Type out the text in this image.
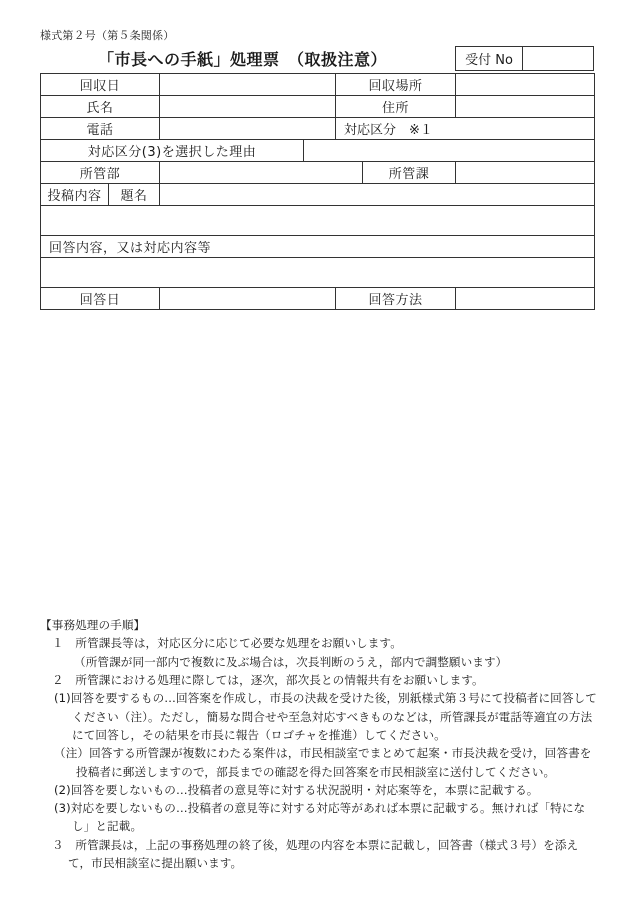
様式第２号（第５条関係）
「市長への手紙」処理票　（取扱注意）	受付 No
回収日				回収場所			
氏名				住所			
電話				対応区分　※１			
対応区分(3)を選択した理由							
所管部					所管課		
投稿内容	題名						

回答内容，又は対応内容等							

回答日				回答方法			
【事務処理の手順】
１　所管課長等は，対応区分に応じて必要な処理をお願いします。
（所管課が同一部内で複数に及ぶ場合は，次長判断のうえ，部内で調整願います）
２　所管課における処理に際しては，逐次，部次長との情報共有をお願いします。
(1)回答を要するもの…回答案を作成し，市長の決裁を受けた後，別紙様式第３号にて投稿者に回答してください（注）。ただし，簡易な問合せや至急対応すべきものなどは，所管課長が電話等適宜の方法にて回答し，その結果を市長に報告（ロゴチャを推進）してください。
（注）回答する所管課が複数にわたる案件は，市民相談室でまとめて起案・市長決裁を受け，回答書を投稿者に郵送しますので，部長までの確認を得た回答案を市民相談室に送付してください。
(2)回答を要しないもの…投稿者の意見等に対する状況説明・対応案等を，本票に記載する。
(3)対応を要しないもの…投稿者の意見等に対する対応等があれば本票に記載する。無ければ「特になし」と記載。
３　所管課長は，上記の事務処理の終了後，処理の内容を本票に記載し，回答書（様式３号）を添えて，市民相談室に提出願います。
